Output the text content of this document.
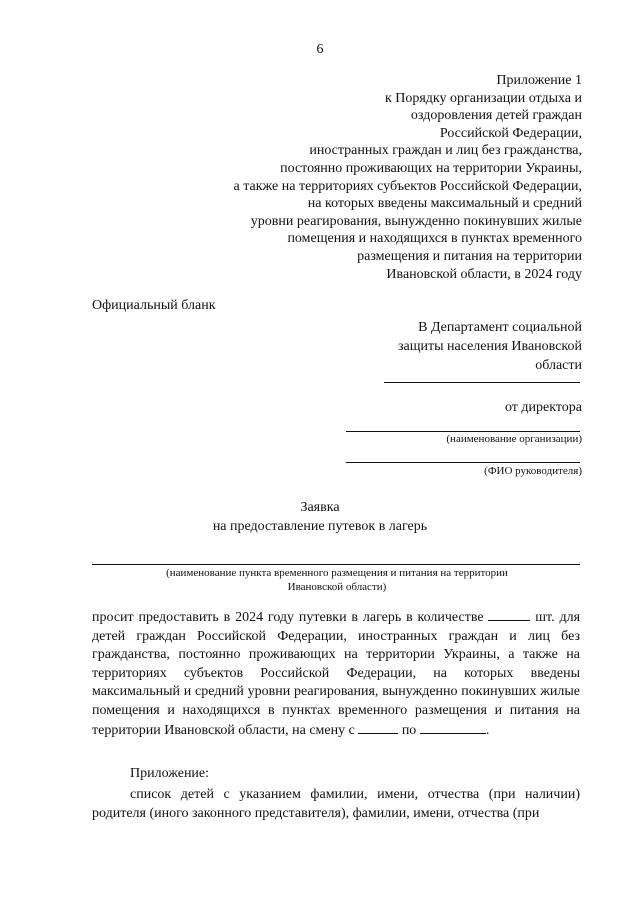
6
Приложение 1
к Порядку организации отдыха и
оздоровления детей граждан
Российской Федерации,
иностранных граждан и лиц без гражданства,
постоянно проживающих на территории Украины,
а также на территориях субъектов Российской Федерации,
на которых введены максимальный и средний
уровни реагирования, вынужденно покинувших жилые
помещения и находящихся в пунктах временного
размещения и питания на территории
Ивановской области, в 2024 году
Официальный бланк
В Департамент социальной
защиты населения Ивановской
области
от директора
(наименование организации)
(ФИО руководителя)
Заявка
на предоставление путевок в лагерь
(наименование пункта временного размещения и питания на территории
Ивановской области)
просит предоставить в 2024 году путевки в лагерь в количестве	шт. для детей граждан Российской Федерации, иностранных граждан и лиц без гражданства, постоянно проживающих на территории Украины, а также на территориях субъектов Российской Федерации, на которых введены максимальный и средний уровни реагирования, вынужденно покинувших жилые помещения и находящихся в пунктах временного размещения и питания на территории Ивановской области, на смену с	по	.
Приложение:
список детей с указанием фамилии, имени, отчества (при наличии) родителя (иного законного представителя), фамилии, имени, отчества (при
